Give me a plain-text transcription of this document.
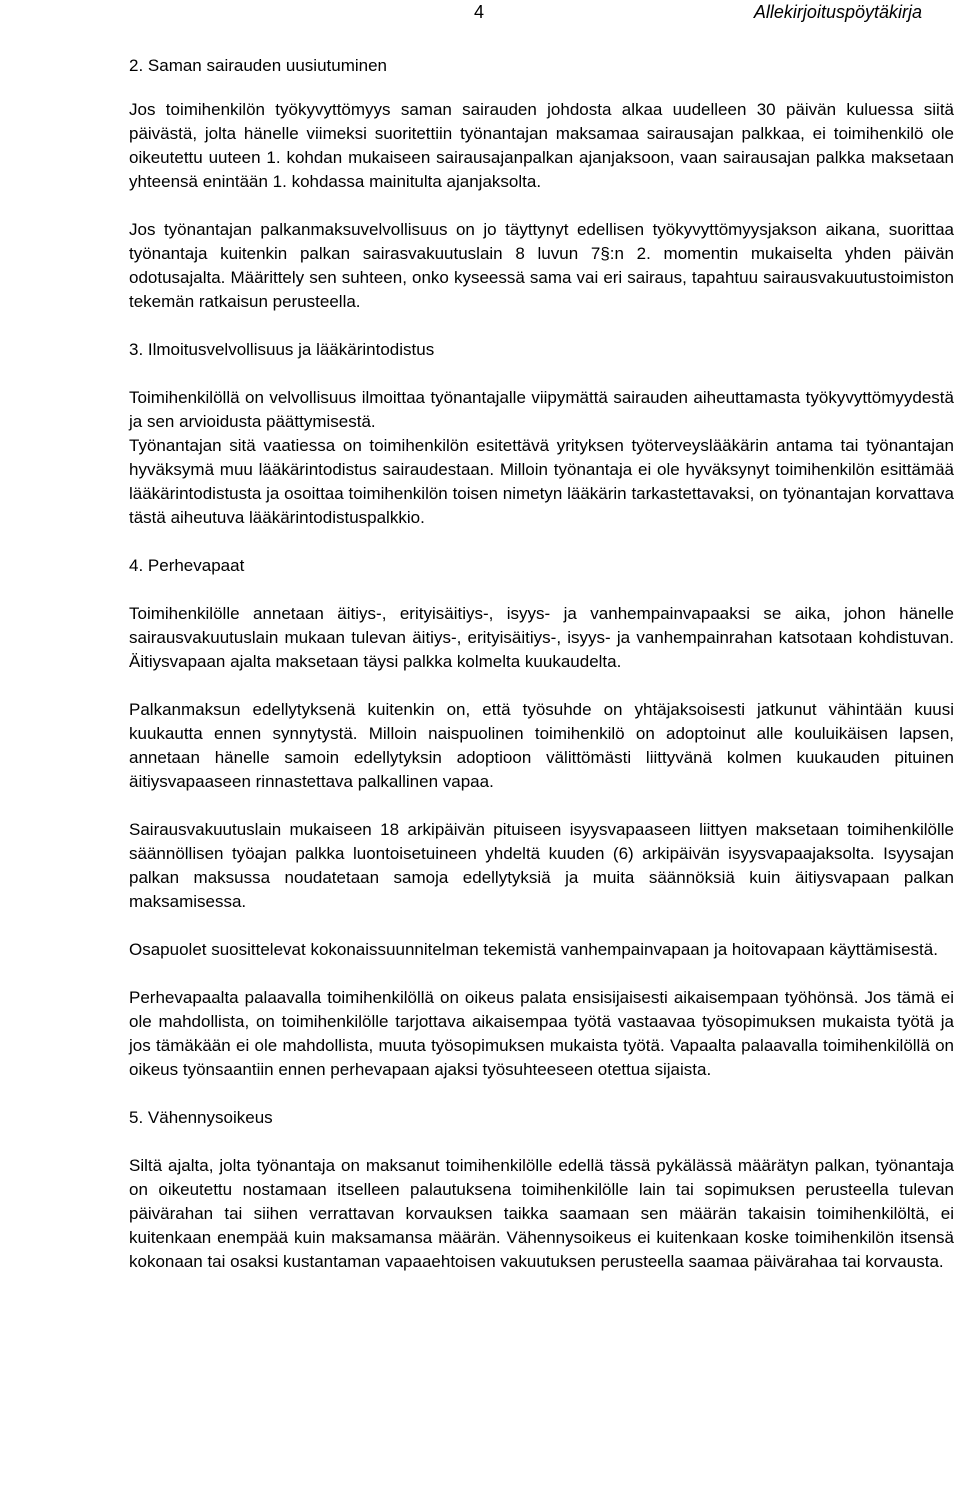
4	Allekirjoituspöytäkirja
2. Saman sairauden uusiutuminen

Jos toimihenkilön työkyvyttömyys saman sairauden johdosta alkaa uudelleen 30 päivän kuluessa siitä päivästä, jolta hänelle viimeksi suoritettiin työnantajan maksamaa sairausajan palkkaa, ei toimihenkilö ole oikeutettu uuteen 1. kohdan mukaiseen sairausajanpalkan ajanjaksoon, vaan sairausajan palkka maksetaan yhteensä enintään 1. kohdassa mainitulta ajanjaksolta.

Jos työnantajan palkanmaksuvelvollisuus on jo täyttynyt edellisen työkyvyttömyysjakson aikana, suorittaa työnantaja kuitenkin palkan sairasvakuutuslain 8 luvun 7§:n 2. momentin mukaiselta yhden päivän odotusajalta. Määrittely sen suhteen, onko kyseessä sama vai eri sairaus, tapahtuu sairausvakuutustoimiston tekemän ratkaisun perusteella.

3. Ilmoitusvelvollisuus ja lääkärintodistus

Toimihenkilöllä on velvollisuus ilmoittaa työnantajalle viipymättä sairauden aiheuttamasta työkyvyttömyydestä ja sen arvioidusta päättymisestä.

Työnantajan sitä vaatiessa on toimihenkilön esitettävä yrityksen työterveyslääkärin antama tai työnantajan hyväksymä muu lääkärintodistus sairaudestaan. Milloin työnantaja ei ole hyväksynyt toimihenkilön esittämää lääkärintodistusta ja osoittaa toimihenkilön toisen nimetyn lääkärin tarkastettavaksi, on työnantajan korvattava tästä aiheutuva lääkärintodistuspalkkio.

4. Perhevapaat

Toimihenkilölle annetaan äitiys-, erityisäitiys-, isyys- ja vanhempainvapaaksi se aika, johon hänelle sairausvakuutuslain mukaan tulevan äitiys-, erityisäitiys-, isyys- ja vanhempainrahan katsotaan kohdistuvan. Äitiysvapaan ajalta maksetaan täysi palkka kolmelta kuukaudelta.

Palkanmaksun edellytyksenä kuitenkin on, että työsuhde on yhtäjaksoisesti jatkunut vähintään kuusi kuukautta ennen synnytystä. Milloin naispuolinen toimihenkilö on adoptoinut alle kouluikäisen lapsen, annetaan hänelle samoin edellytyksin adoptioon välittömästi liittyvänä kolmen kuukauden pituinen äitiysvapaaseen rinnastettava palkallinen vapaa.

Sairausvakuutuslain mukaiseen 18 arkipäivän pituiseen isyysvapaaseen liittyen maksetaan toimihenkilölle säännöllisen työajan palkka luontoisetuineen yhdeltä kuuden (6) arkipäivän isyysvapaajaksolta. Isyysajan palkan maksussa noudatetaan samoja edellytyksiä ja muita säännöksiä kuin äitiysvapaan palkan maksamisessa.

Osapuolet suosittelevat kokonaissuunnitelman tekemistä vanhempainvapaan ja hoitovapaan käyttämisestä.

Perhevapaalta palaavalla toimihenkilöllä on oikeus palata ensisijaisesti aikaisempaan työhönsä. Jos tämä ei ole mahdollista, on toimihenkilölle tarjottava aikaisempaa työtä vastaavaa työsopimuksen mukaista työtä ja jos tämäkään ei ole mahdollista, muuta työsopimuksen mukaista työtä. Vapaalta palaavalla toimihenkilöllä on oikeus työnsaantiin ennen perhevapaan ajaksi työsuhteeseen otettua sijaista.

5. Vähennysoikeus

Siltä ajalta, jolta työnantaja on maksanut toimihenkilölle edellä tässä pykälässä määrätyn palkan, työnantaja on oikeutettu nostamaan itselleen palautuksena toimihenkilölle lain tai sopimuksen perusteella tulevan päivärahan tai siihen verrattavan korvauksen taikka saamaan sen määrän takaisin toimihenkilöltä, ei kuitenkaan enempää kuin maksamansa määrän. Vähennysoikeus ei kuitenkaan koske toimihenkilön itsensä kokonaan tai osaksi kustantaman vapaaehtoisen vakuutuksen perusteella saamaa päivärahaa tai korvausta.
